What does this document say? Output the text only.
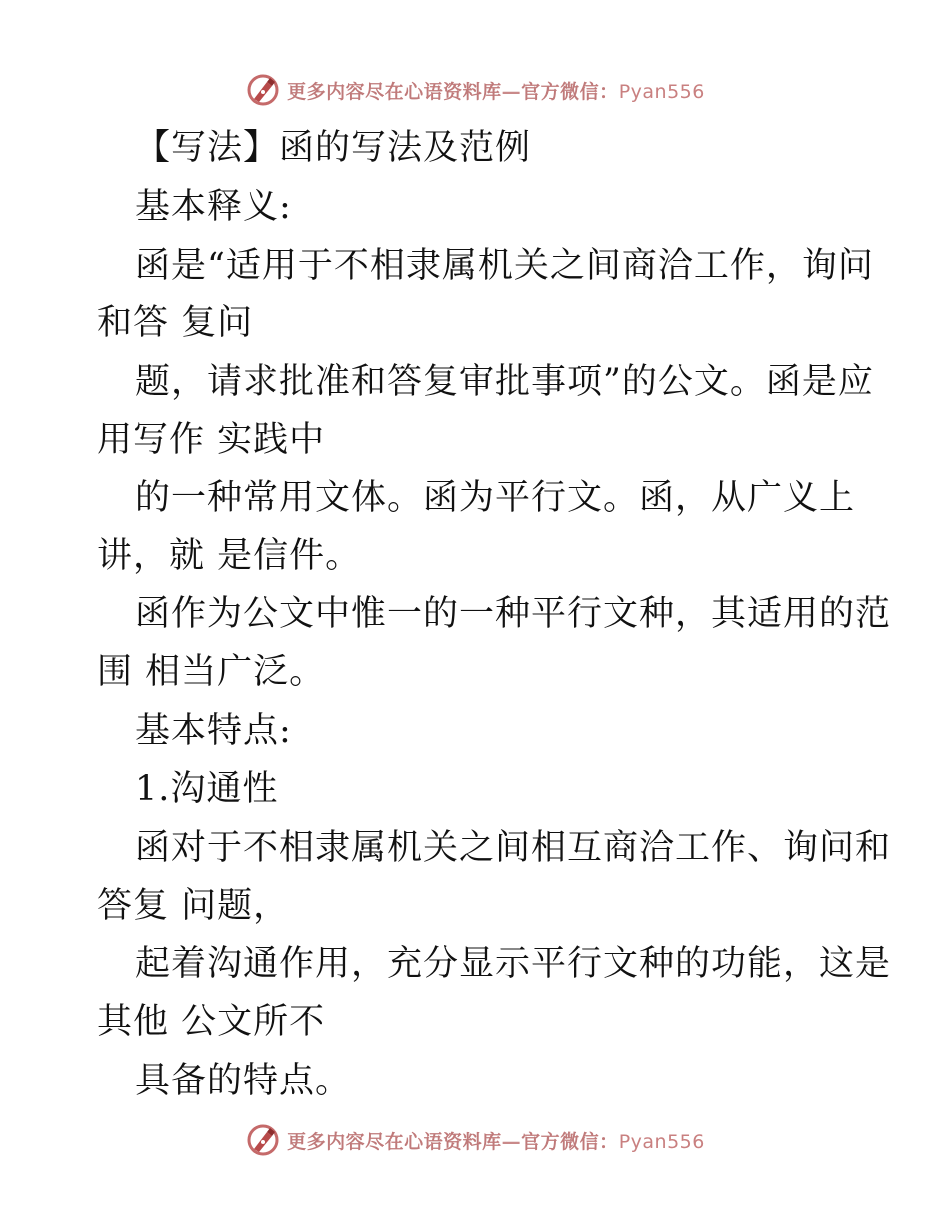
更多内容尽在心语资料库—官方微信：Pyan556
【写法】函的写法及范例
基本释义:
函是“适用于不相隶属机关之间商洽工作，询问
和答 复问
题，请求批准和答复审批事项”的公文。函是应
用写作 实践中
的一种常用文体。函为平行文。函，从广义上
讲，就 是信件。
函作为公文中惟一的一种平行文种，其适用的范
围 相当广泛。
基本特点:
1.沟通性
函对于不相隶属机关之间相互商洽工作、询问和
答复 问题，
起着沟通作用，充分显示平行文种的功能，这是
其他 公文所不
具备的特点。
更多内容尽在心语资料库—官方微信：Pyan556
